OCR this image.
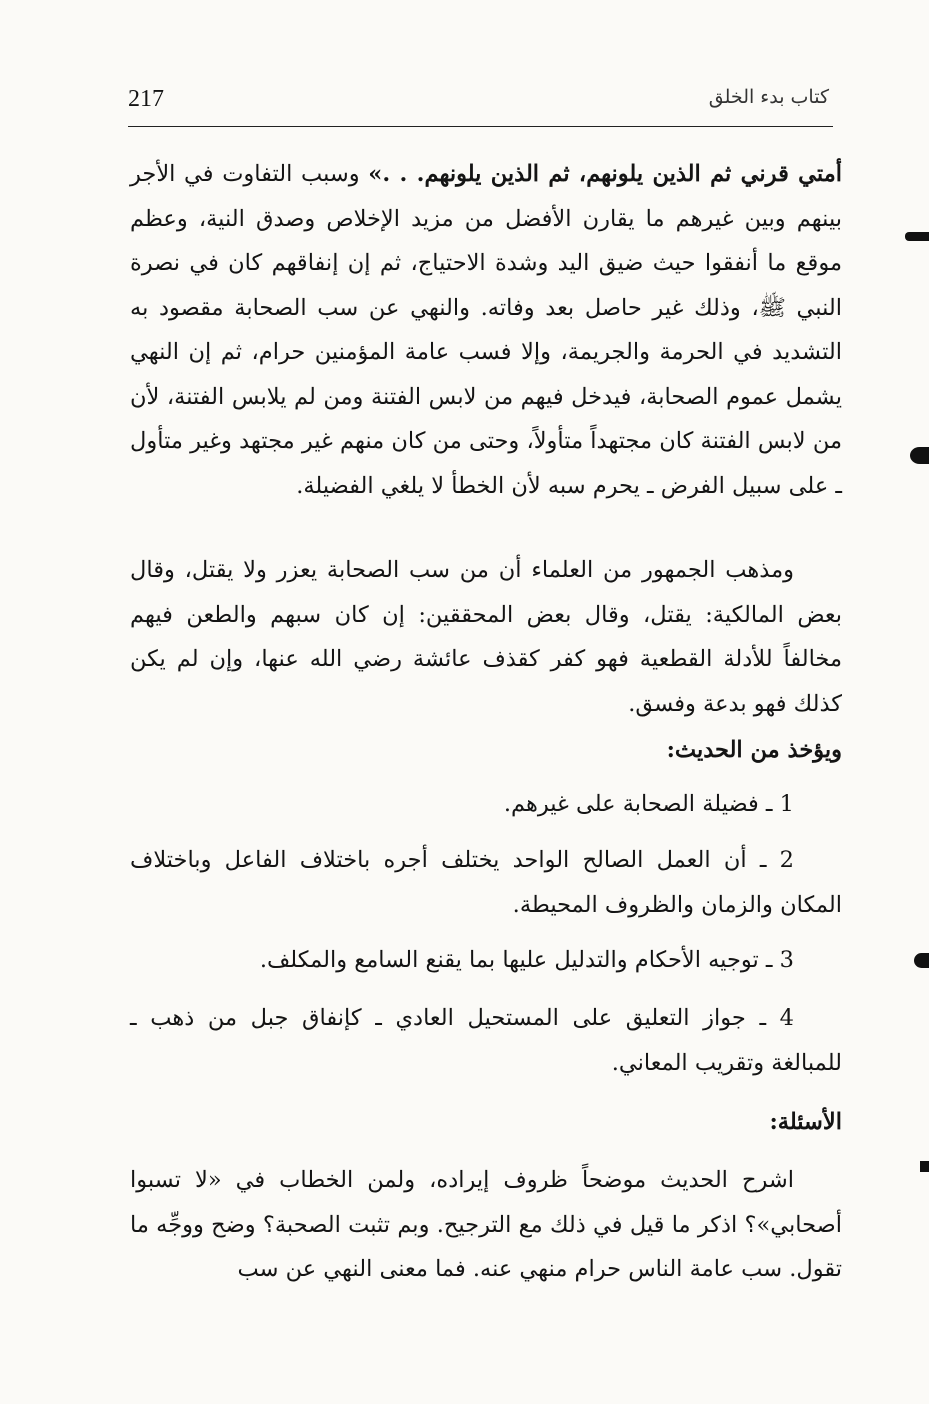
217	كتاب بدء الخلق

أمتي قرني ثم الذين يلونهم، ثم الذين يلونهم. . .» وسبب التفاوت في الأجر بينهم وبين غيرهم ما يقارن الأفضل من مزيد الإخلاص وصدق النية، وعظم موقع ما أنفقوا حيث ضيق اليد وشدة الاحتياج، ثم إن إنفاقهم كان في نصرة النبي ﷺ، وذلك غير حاصل بعد وفاته. والنهي عن سب الصحابة مقصود به التشديد في الحرمة والجريمة، وإلا فسب عامة المؤمنين حرام، ثم إن النهي يشمل عموم الصحابة، فيدخل فيهم من لابس الفتنة ومن لم يلابس الفتنة، لأن من لابس الفتنة كان مجتهداً متأولاً، وحتى من كان منهم غير مجتهد وغير متأول ـ على سبيل الفرض ـ يحرم سبه لأن الخطأ لا يلغي الفضيلة.

ومذهب الجمهور من العلماء أن من سب الصحابة يعزر ولا يقتل، وقال بعض المالكية: يقتل، وقال بعض المحققين: إن كان سبهم والطعن فيهم مخالفاً للأدلة القطعية فهو كفر كقذف عائشة رضي الله عنها، وإن لم يكن كذلك فهو بدعة وفسق.

ويؤخذ من الحديث:

1 ـ فضيلة الصحابة على غيرهم.

2 ـ أن العمل الصالح الواحد يختلف أجره باختلاف الفاعل وباختلاف المكان والزمان والظروف المحيطة.

3 ـ توجيه الأحكام والتدليل عليها بما يقنع السامع والمكلف.

4 ـ جواز التعليق على المستحيل العادي ـ كإنفاق جبل من ذهب ـ للمبالغة وتقريب المعاني.

الأسئلة:

اشرح الحديث موضحاً ظروف إيراده، ولمن الخطاب في «لا تسبوا أصحابي»؟ اذكر ما قيل في ذلك مع الترجيح. وبم تثبت الصحبة؟ وضح ووجِّه ما تقول. سب عامة الناس حرام منهي عنه. فما معنى النهي عن سب
